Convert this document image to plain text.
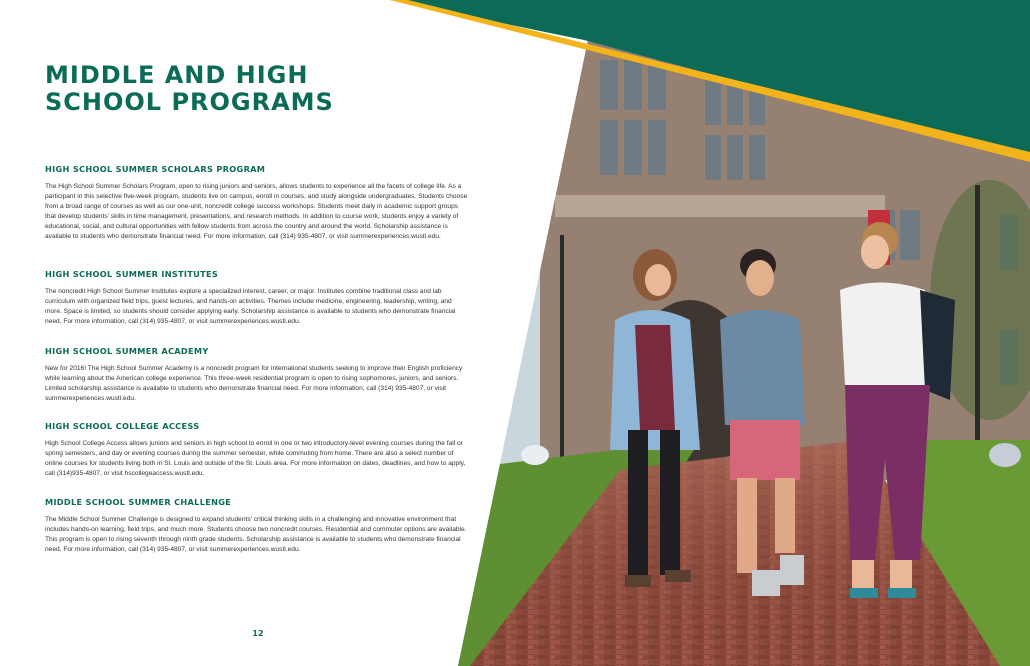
MIDDLE AND HIGH
SCHOOL PROGRAMS
HIGH SCHOOL SUMMER SCHOLARS PROGRAM

The High School Summer Scholars Program, open to rising juniors and seniors, allows students to experience all the facets of college life. As a participant in this selective five-week program, students live on campus, enroll in courses, and study alongside undergraduates. Students choose from a broad range of courses as well as our one-unit, noncredit college success workshops. Students meet daily in academic support groups that develop students' skills in time management, presentations, and research methods. In addition to course work, students enjoy a variety of educational, social, and cultural opportunities with fellow students from across the country and around the world. Scholarship assistance is available to students who demonstrate financial need. For more information, call (314) 935-4807, or visit summerexperiences.wustl.edu.

HIGH SCHOOL SUMMER INSTITUTES

The noncredit High School Summer Institutes explore a specialized interest, career, or major. Institutes combine traditional class and lab curriculum with organized field trips, guest lectures, and hands-on activities. Themes include medicine, engineering, leadership, writing, and more. Space is limited, so students should consider applying early. Scholarship assistance is available to students who demonstrate financial need. For more information, call (314) 935-4807, or visit summerexperiences.wustl.edu.

HIGH SCHOOL SUMMER ACADEMY

New for 2016! The High School Summer Academy is a noncredit program for international students seeking to improve their English proficiency while learning about the American college experience. This three-week residential program is open to rising sophomores, juniors, and seniors. Limited scholarship assistance is available to students who demonstrate financial need. For more information, call (314) 935-4807, or visit summerexperiences.wustl.edu.

HIGH SCHOOL COLLEGE ACCESS

High School College Access allows juniors and seniors in high school to enroll in one or two introductory-level evening courses during the fall or spring semesters, and day or evening courses during the summer semester, while commuting from home. There are also a select number of online courses for students living both in St. Louis and outside of the St. Louis area. For more information on dates, deadlines, and how to apply, call (314)935-4807, or visit hscollegeaccess.wustl.edu.

MIDDLE SCHOOL SUMMER CHALLENGE

The Middle School Summer Challenge is designed to expand students' critical thinking skills in a challenging and innovative environment that includes hands-on learning, field trips, and much more. Students choose two noncredit courses. Residential and commuter options are available. This program is open to rising seventh through ninth grade students. Scholarship assistance is available to students who demonstrate financial need. For more information, call (314) 935-4807, or visit summerexperiences.wustl.edu.

12
